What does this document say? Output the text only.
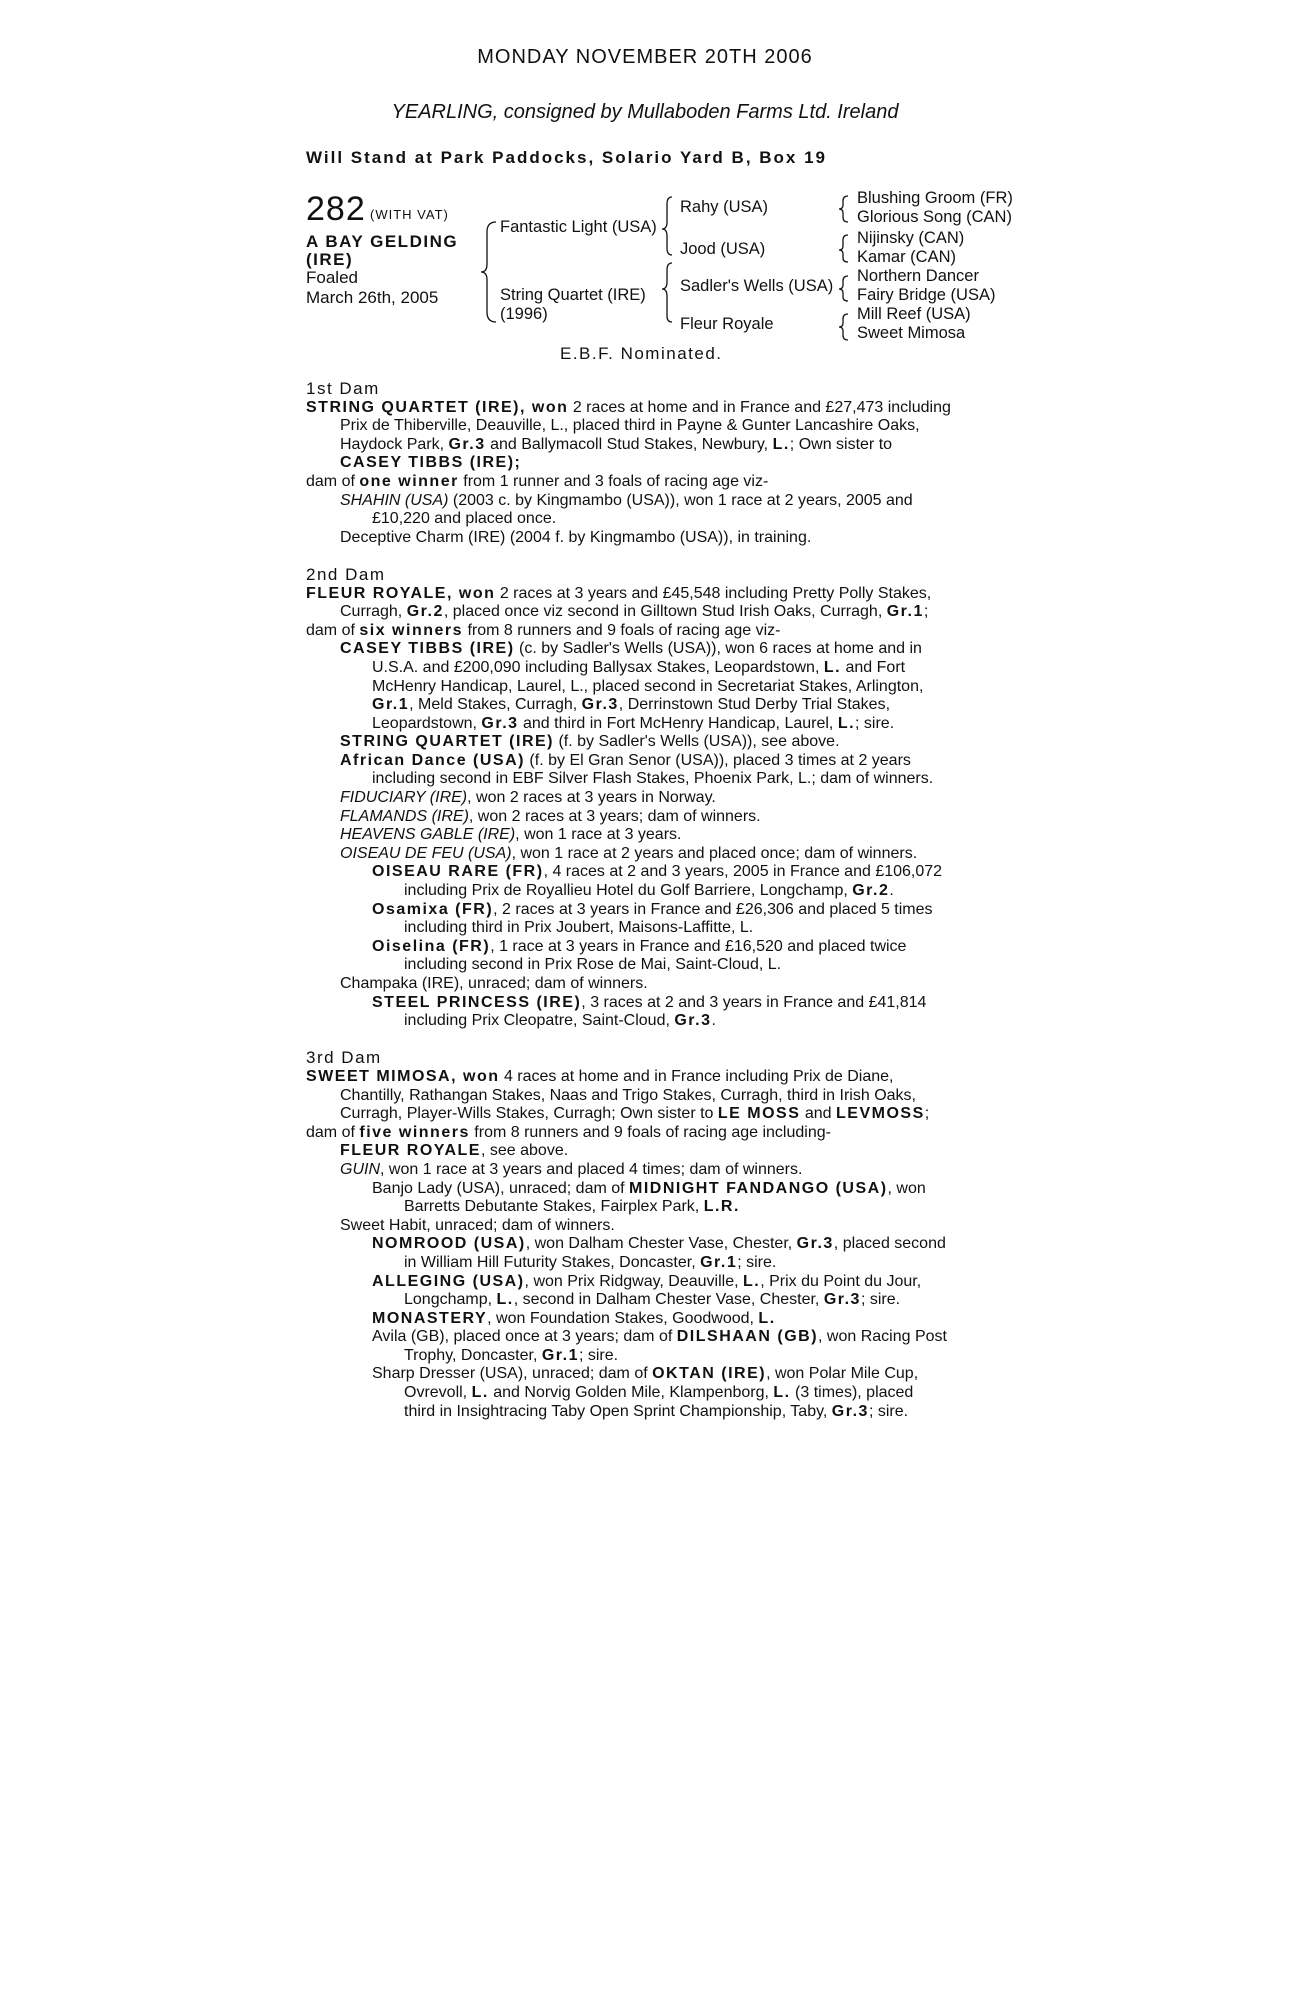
MONDAY NOVEMBER 20TH 2006
YEARLING, consigned by Mullaboden Farms Ltd. Ireland
Will Stand at Park Paddocks, Solario Yard B, Box 19
282 (WITH VAT)
A BAY GELDING
(IRE)
Foaled
March 26th, 2005
Fantastic Light (USA)
String Quartet (IRE)
(1996)
Rahy (USA)
Jood (USA)
Sadler's Wells (USA)
Fleur Royale
Blushing Groom (FR)
Glorious Song (CAN)
Nijinsky (CAN)
Kamar (CAN)
Northern Dancer
Fairy Bridge (USA)
Mill Reef (USA)
Sweet Mimosa
E.B.F. Nominated.
1st Dam
STRING QUARTET (IRE), won 2 races at home and in France and £27,473 including
Prix de Thiberville, Deauville, L., placed third in Payne & Gunter Lancashire Oaks,
Haydock Park, Gr.3 and Ballymacoll Stud Stakes, Newbury, L.; Own sister to
CASEY TIBBS (IRE);
dam of one winner from 1 runner and 3 foals of racing age viz-
SHAHIN (USA) (2003 c. by Kingmambo (USA)), won 1 race at 2 years, 2005 and
£10,220 and placed once.
Deceptive Charm (IRE) (2004 f. by Kingmambo (USA)), in training.
2nd Dam
FLEUR ROYALE, won 2 races at 3 years and £45,548 including Pretty Polly Stakes,
Curragh, Gr.2, placed once viz second in Gilltown Stud Irish Oaks, Curragh, Gr.1;
dam of six winners from 8 runners and 9 foals of racing age viz-
CASEY TIBBS (IRE) (c. by Sadler's Wells (USA)), won 6 races at home and in
U.S.A. and £200,090 including Ballysax Stakes, Leopardstown, L. and Fort
McHenry Handicap, Laurel, L., placed second in Secretariat Stakes, Arlington,
Gr.1, Meld Stakes, Curragh, Gr.3, Derrinstown Stud Derby Trial Stakes,
Leopardstown, Gr.3 and third in Fort McHenry Handicap, Laurel, L.; sire.
STRING QUARTET (IRE) (f. by Sadler's Wells (USA)), see above.
African Dance (USA) (f. by El Gran Senor (USA)), placed 3 times at 2 years
including second in EBF Silver Flash Stakes, Phoenix Park, L.; dam of winners.
FIDUCIARY (IRE), won 2 races at 3 years in Norway.
FLAMANDS (IRE), won 2 races at 3 years; dam of winners.
HEAVENS GABLE (IRE), won 1 race at 3 years.
OISEAU DE FEU (USA), won 1 race at 2 years and placed once; dam of winners.
OISEAU RARE (FR), 4 races at 2 and 3 years, 2005 in France and £106,072
including Prix de Royallieu Hotel du Golf Barriere, Longchamp, Gr.2.
Osamixa (FR), 2 races at 3 years in France and £26,306 and placed 5 times
including third in Prix Joubert, Maisons-Laffitte, L.
Oiselina (FR), 1 race at 3 years in France and £16,520 and placed twice
including second in Prix Rose de Mai, Saint-Cloud, L.
Champaka (IRE), unraced; dam of winners.
STEEL PRINCESS (IRE), 3 races at 2 and 3 years in France and £41,814
including Prix Cleopatre, Saint-Cloud, Gr.3.
3rd Dam
SWEET MIMOSA, won 4 races at home and in France including Prix de Diane,
Chantilly, Rathangan Stakes, Naas and Trigo Stakes, Curragh, third in Irish Oaks,
Curragh, Player-Wills Stakes, Curragh; Own sister to LE MOSS and LEVMOSS;
dam of five winners from 8 runners and 9 foals of racing age including-
FLEUR ROYALE, see above.
GUIN, won 1 race at 3 years and placed 4 times; dam of winners.
Banjo Lady (USA), unraced; dam of MIDNIGHT FANDANGO (USA), won
Barretts Debutante Stakes, Fairplex Park, L.R.
Sweet Habit, unraced; dam of winners.
NOMROOD (USA), won Dalham Chester Vase, Chester, Gr.3, placed second
in William Hill Futurity Stakes, Doncaster, Gr.1; sire.
ALLEGING (USA), won Prix Ridgway, Deauville, L., Prix du Point du Jour,
Longchamp, L., second in Dalham Chester Vase, Chester, Gr.3; sire.
MONASTERY, won Foundation Stakes, Goodwood, L.
Avila (GB), placed once at 3 years; dam of DILSHAAN (GB), won Racing Post
Trophy, Doncaster, Gr.1; sire.
Sharp Dresser (USA), unraced; dam of OKTAN (IRE), won Polar Mile Cup,
Ovrevoll, L. and Norvig Golden Mile, Klampenborg, L. (3 times), placed
third in Insightracing Taby Open Sprint Championship, Taby, Gr.3; sire.
